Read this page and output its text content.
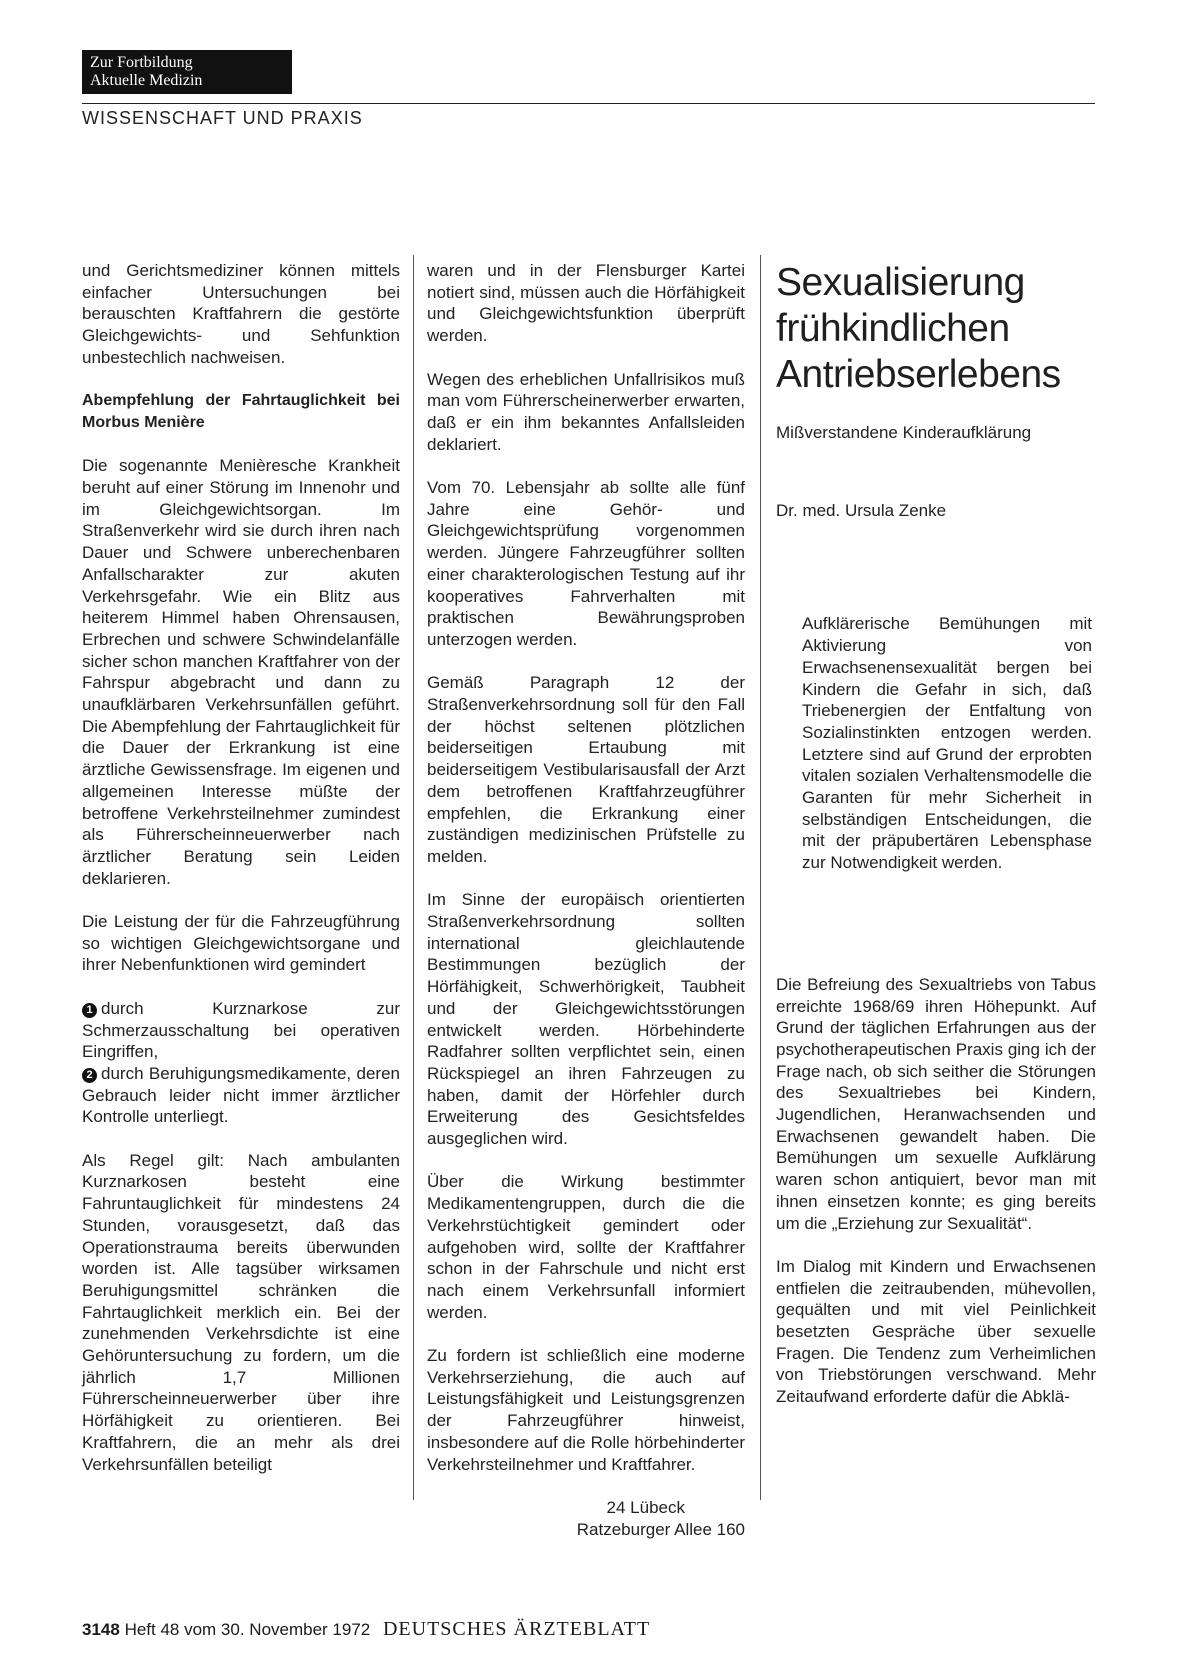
Zur Fortbildung
Aktuelle Medizin
WISSENSCHAFT UND PRAXIS

und Gerichtsmediziner können mittels einfacher Untersuchungen bei berauschten Kraftfahrern die gestörte Gleichgewichts- und Sehfunktion unbestechlich nachweisen.

Abempfehlung der Fahrtauglichkeit bei Morbus Menière

Die sogenannte Menièresche Krankheit beruht auf einer Störung im Innenohr und im Gleichgewichtsorgan. Im Straßenverkehr wird sie durch ihren nach Dauer und Schwere unberechenbaren Anfallscharakter zur akuten Verkehrsgefahr. Wie ein Blitz aus heiterem Himmel haben Ohrensausen, Erbrechen und schwere Schwindelanfälle sicher schon manchen Kraftfahrer von der Fahrspur abgebracht und dann zu unaufklärbaren Verkehrsunfällen geführt. Die Abempfehlung der Fahrtauglichkeit für die Dauer der Erkrankung ist eine ärztliche Gewissensfrage. Im eigenen und allgemeinen Interesse müßte der betroffene Verkehrsteilnehmer zumindest als Führerscheinneuerwerber nach ärztlicher Beratung sein Leiden deklarieren.

Die Leistung der für die Fahrzeugführung so wichtigen Gleichgewichtsorgane und ihrer Nebenfunktionen wird gemindert

1 durch Kurznarkose zur Schmerzausschaltung bei operativen Eingriffen,

2 durch Beruhigungsmedikamente, deren Gebrauch leider nicht immer ärztlicher Kontrolle unterliegt.

Als Regel gilt: Nach ambulanten Kurznarkosen besteht eine Fahruntauglichkeit für mindestens 24 Stunden, vorausgesetzt, daß das Operationstrauma bereits überwunden worden ist. Alle tagsüber wirksamen Beruhigungsmittel schränken die Fahrtauglichkeit merklich ein. Bei der zunehmenden Verkehrsdichte ist eine Gehöruntersuchung zu fordern, um die jährlich 1,7 Millionen Führerscheinneuerwerber über ihre Hörfähigkeit zu orientieren. Bei Kraftfahrern, die an mehr als drei Verkehrsunfällen beteiligt

waren und in der Flensburger Kartei notiert sind, müssen auch die Hörfähigkeit und Gleichgewichtsfunktion überprüft werden.

Wegen des erheblichen Unfallrisikos muß man vom Führerscheinerwerber erwarten, daß er ein ihm bekanntes Anfallsleiden deklariert.

Vom 70. Lebensjahr ab sollte alle fünf Jahre eine Gehör- und Gleichgewichtsprüfung vorgenommen werden. Jüngere Fahrzeugführer sollten einer charakterologischen Testung auf ihr kooperatives Fahrverhalten mit praktischen Bewährungsproben unterzogen werden.

Gemäß Paragraph 12 der Straßenverkehrsordnung soll für den Fall der höchst seltenen plötzlichen beiderseitigen Ertaubung mit beiderseitigem Vestibularisausfall der Arzt dem betroffenen Kraftfahrzeugführer empfehlen, die Erkrankung einer zuständigen medizinischen Prüfstelle zu melden.

Im Sinne der europäisch orientierten Straßenverkehrsordnung sollten international gleichlautende Bestimmungen bezüglich der Hörfähigkeit, Schwerhörigkeit, Taubheit und der Gleichgewichtsstörungen entwickelt werden. Hörbehinderte Radfahrer sollten verpflichtet sein, einen Rückspiegel an ihren Fahrzeugen zu haben, damit der Hörfehler durch Erweiterung des Gesichtsfeldes ausgeglichen wird.

Über die Wirkung bestimmter Medikamentengruppen, durch die die Verkehrstüchtigkeit gemindert oder aufgehoben wird, sollte der Kraftfahrer schon in der Fahrschule und nicht erst nach einem Verkehrsunfall informiert werden.

Zu fordern ist schließlich eine moderne Verkehrserziehung, die auch auf Leistungsfähigkeit und Leistungsgrenzen der Fahrzeugführer hinweist, insbesondere auf die Rolle hörbehinderter Verkehrsteilnehmer und Kraftfahrer.

24 Lübeck

Ratzeburger Allee 160

Sexualisierung
frühkindlichen
Antriebserlebens

Mißverstandene Kinderaufklärung

Dr. med. Ursula Zenke

Aufklärerische Bemühungen mit Aktivierung von Erwachsenensexualität bergen bei Kindern die Gefahr in sich, daß Triebenergien der Entfaltung von Sozialinstinkten entzogen werden. Letztere sind auf Grund der erprobten vitalen sozialen Verhaltensmodelle die Garanten für mehr Sicherheit in selbständigen Entscheidungen, die mit der präpubertären Lebensphase zur Notwendigkeit werden.

Die Befreiung des Sexualtriebs von Tabus erreichte 1968/69 ihren Höhepunkt. Auf Grund der täglichen Erfahrungen aus der psychotherapeutischen Praxis ging ich der Frage nach, ob sich seither die Störungen des Sexualtriebes bei Kindern, Jugendlichen, Heranwachsenden und Erwachsenen gewandelt haben. Die Bemühungen um sexuelle Aufklärung waren schon antiquiert, bevor man mit ihnen einsetzen konnte; es ging bereits um die „Erziehung zur Sexualität“.

Im Dialog mit Kindern und Erwachsenen entfielen die zeitraubenden, mühevollen, gequälten und mit viel Peinlichkeit besetzten Gespräche über sexuelle Fragen. Die Tendenz zum Verheimlichen von Triebstörungen verschwand. Mehr Zeitaufwand erforderte dafür die Abklä-

3148 Heft 48 vom 30. November 1972 DEUTSCHES ÄRZTEBLATT
